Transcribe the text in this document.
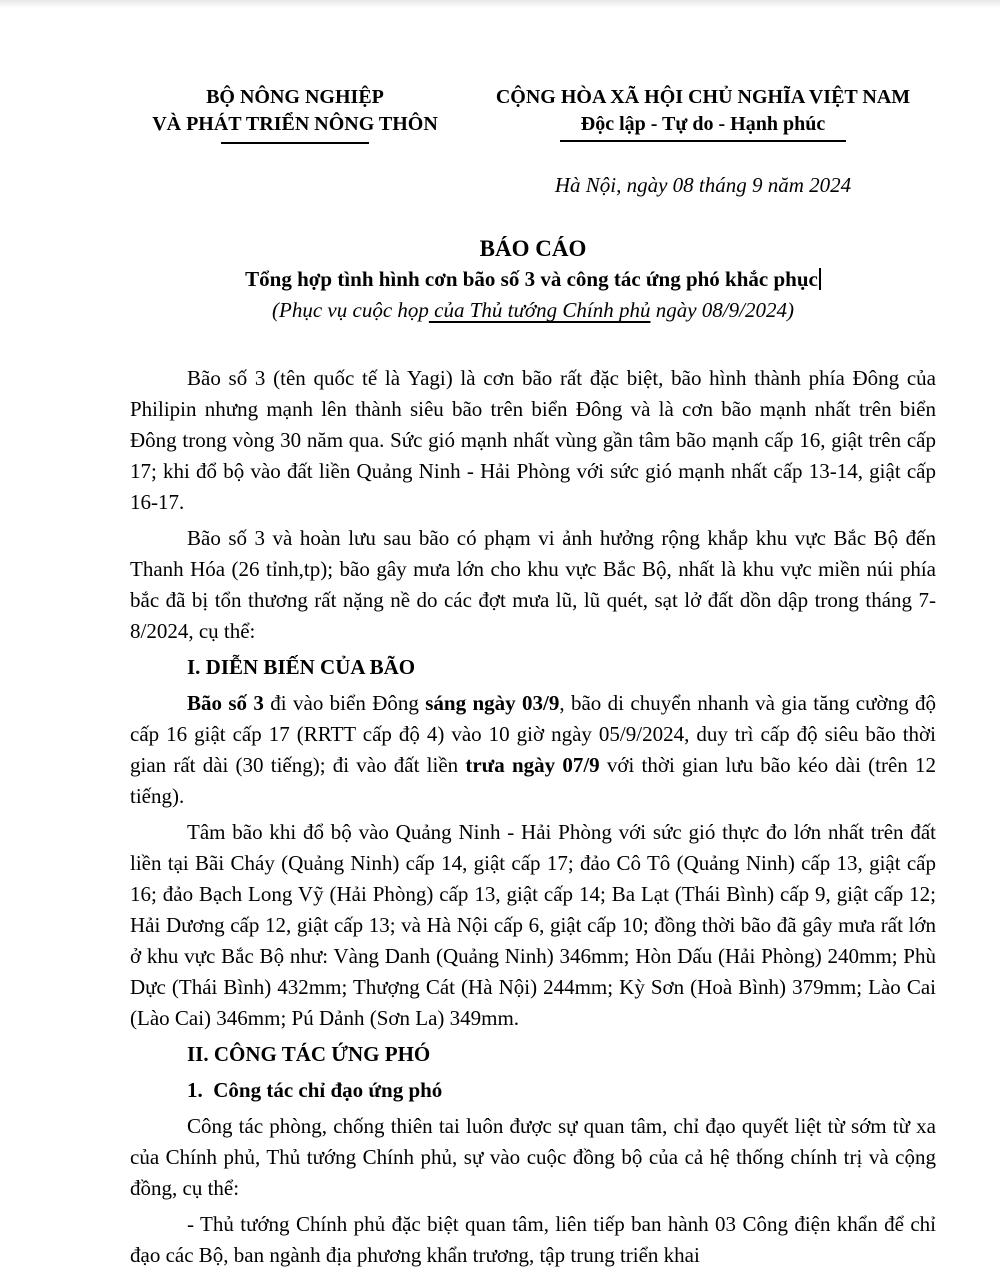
BỘ NÔNG NGHIỆP
VÀ PHÁT TRIỂN NÔNG THÔN
CỘNG HÒA XÃ HỘI CHỦ NGHĨA VIỆT NAM
Độc lập - Tự do - Hạnh phúc
Hà Nội, ngày 08 tháng 9 năm 2024
BÁO CÁO
Tổng hợp tình hình cơn bão số 3 và công tác ứng phó khắc phục
(Phục vụ cuộc họp của Thủ tướng Chính phủ ngày 08/9/2024)

Bão số 3 (tên quốc tế là Yagi) là cơn bão rất đặc biệt, bão hình thành phía Đông của Philipin nhưng mạnh lên thành siêu bão trên biển Đông và là cơn bão mạnh nhất trên biển Đông trong vòng 30 năm qua. Sức gió mạnh nhất vùng gần tâm bão mạnh cấp 16, giật trên cấp 17; khi đổ bộ vào đất liền Quảng Ninh - Hải Phòng với sức gió mạnh nhất cấp 13-14, giật cấp 16-17.

Bão số 3 và hoàn lưu sau bão có phạm vi ảnh hưởng rộng khắp khu vực Bắc Bộ đến Thanh Hóa (26 tỉnh,tp); bão gây mưa lớn cho khu vực Bắc Bộ, nhất là khu vực miền núi phía bắc đã bị tổn thương rất nặng nề do các đợt mưa lũ, lũ quét, sạt lở đất dồn dập trong tháng 7-8/2024, cụ thể:

I. DIỄN BIẾN CỦA BÃO

Bão số 3 đi vào biển Đông sáng ngày 03/9, bão di chuyển nhanh và gia tăng cường độ cấp 16 giật cấp 17 (RRTT cấp độ 4) vào 10 giờ ngày 05/9/2024, duy trì cấp độ siêu bão thời gian rất dài (30 tiếng); đi vào đất liền trưa ngày 07/9 với thời gian lưu bão kéo dài (trên 12 tiếng).

Tâm bão khi đổ bộ vào Quảng Ninh - Hải Phòng với sức gió thực đo lớn nhất trên đất liền tại Bãi Cháy (Quảng Ninh) cấp 14, giật cấp 17; đảo Cô Tô (Quảng Ninh) cấp 13, giật cấp 16; đảo Bạch Long Vỹ (Hải Phòng) cấp 13, giật cấp 14; Ba Lạt (Thái Bình) cấp 9, giật cấp 12; Hải Dương cấp 12, giật cấp 13; và Hà Nội cấp 6, giật cấp 10; đồng thời bão đã gây mưa rất lớn ở khu vực Bắc Bộ như: Vàng Danh (Quảng Ninh) 346mm; Hòn Dấu (Hải Phòng) 240mm; Phù Dực (Thái Bình) 432mm; Thượng Cát (Hà Nội) 244mm; Kỳ Sơn (Hoà Bình) 379mm; Lào Cai (Lào Cai) 346mm; Pú Dảnh (Sơn La) 349mm.

II. CÔNG TÁC ỨNG PHÓ

1.  Công tác chỉ đạo ứng phó

Công tác phòng, chống thiên tai luôn được sự quan tâm, chỉ đạo quyết liệt từ sớm từ xa của Chính phủ, Thủ tướng Chính phủ, sự vào cuộc đồng bộ của cả hệ thống chính trị và cộng đồng, cụ thể:

- Thủ tướng Chính phủ đặc biệt quan tâm, liên tiếp ban hành 03 Công điện khẩn để chỉ đạo các Bộ, ban ngành địa phương khẩn trương, tập trung triển khai
